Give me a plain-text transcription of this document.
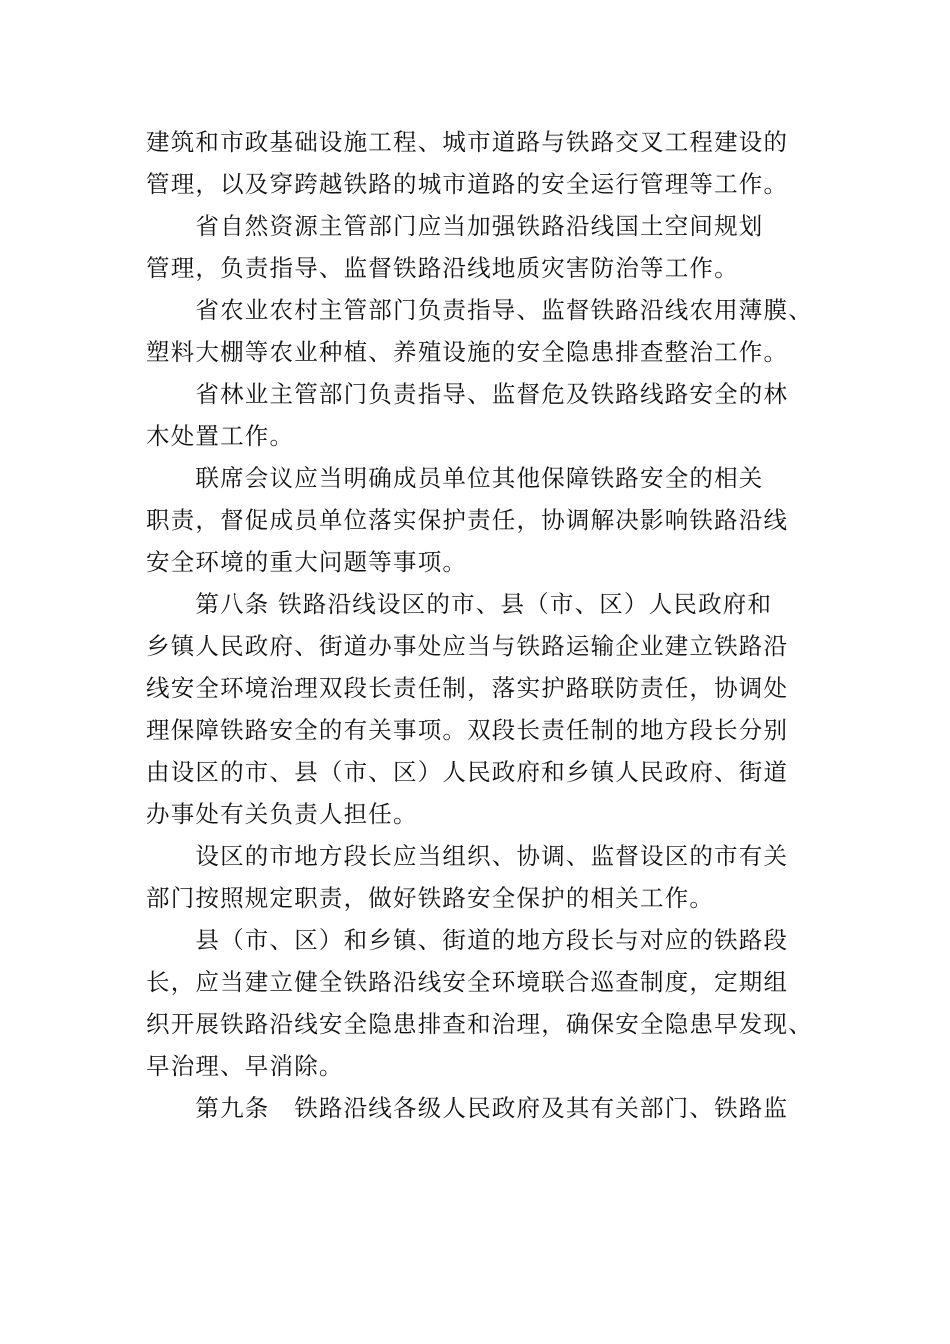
建筑和市政基础设施工程、城市道路与铁路交叉工程建设的
管理，以及穿跨越铁路的城市道路的安全运行管理等工作。

　　省自然资源主管部门应当加强铁路沿线国土空间规划
管理，负责指导、监督铁路沿线地质灾害防治等工作。

　　省农业农村主管部门负责指导、监督铁路沿线农用薄膜、
塑料大棚等农业种植、养殖设施的安全隐患排查整治工作。

　　省林业主管部门负责指导、监督危及铁路线路安全的林
木处置工作。

　　联席会议应当明确成员单位其他保障铁路安全的相关
职责，督促成员单位落实保护责任，协调解决影响铁路沿线
安全环境的重大问题等事项。

　　第八条 铁路沿线设区的市、县（市、区）人民政府和
乡镇人民政府、街道办事处应当与铁路运输企业建立铁路沿
线安全环境治理双段长责任制，落实护路联防责任，协调处
理保障铁路安全的有关事项。双段长责任制的地方段长分别
由设区的市、县（市、区）人民政府和乡镇人民政府、街道
办事处有关负责人担任。

　　设区的市地方段长应当组织、协调、监督设区的市有关
部门按照规定职责，做好铁路安全保护的相关工作。

　　县（市、区）和乡镇、街道的地方段长与对应的铁路段
长，应当建立健全铁路沿线安全环境联合巡查制度，定期组
织开展铁路沿线安全隐患排查和治理，确保安全隐患早发现、
早治理、早消除。

　　第九条　铁路沿线各级人民政府及其有关部门、铁路监
